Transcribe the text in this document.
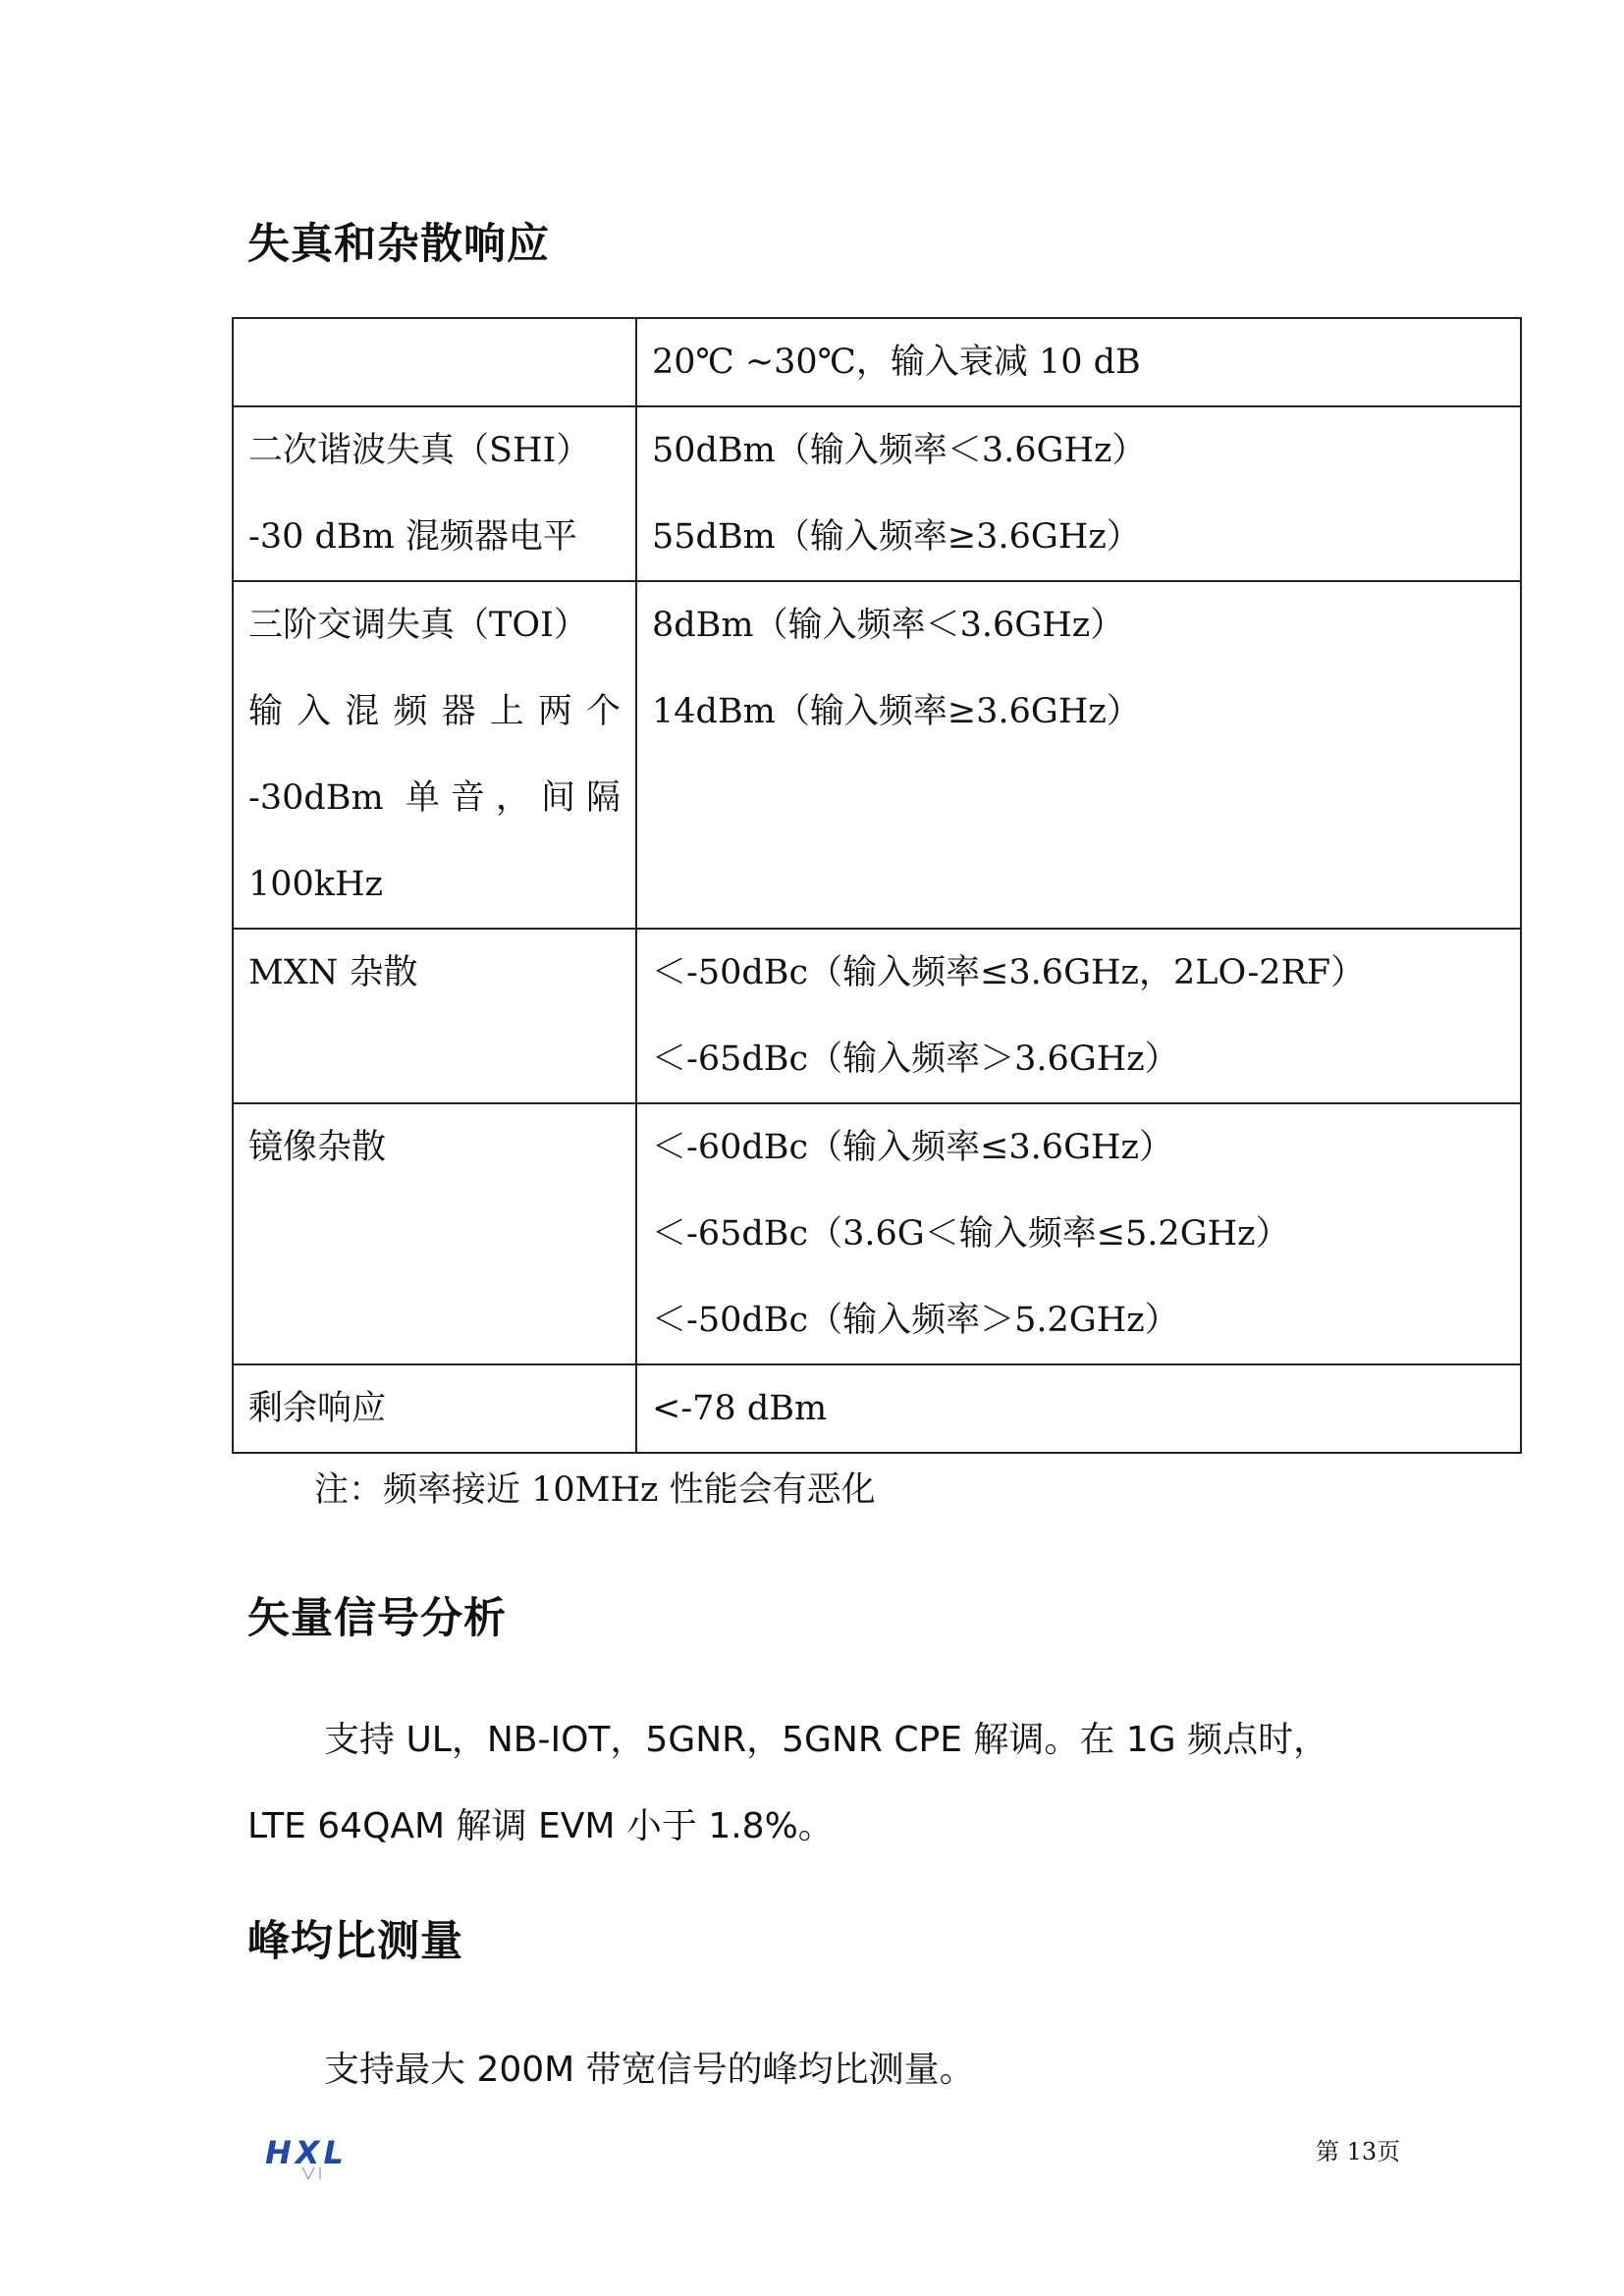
失真和杂散响应

	20℃ ~30℃，输入衰减 10 dB

二次谐波失真（SHI）
-30 dBm 混频器电平	50dBm（输入频率＜3.6GHz）
55dBm（输入频率≥3.6GHz）

三阶交调失真（TOI）
输入混频器上两个
-30dBm 单音，间隔
100kHz	8dBm（输入频率＜3.6GHz）
14dBm（输入频率≥3.6GHz）

MXN 杂散	＜-50dBc（输入频率≤3.6GHz，2LO-2RF）
＜-65dBc（输入频率＞3.6GHz）

镜像杂散	＜-60dBc（输入频率≤3.6GHz）
＜-65dBc（3.6G＜输入频率≤5.2GHz）
＜-50dBc（输入频率＞5.2GHz）

剩余响应	<-78 dBm
注：频率接近 10MHz 性能会有恶化
矢量信号分析
支持 UL，NB-IOT，5GNR，5GNR CPE 解调。在 1G 频点时，
LTE 64QAM 解调 EVM 小于 1.8%。
峰均比测量
支持最大 200M 带宽信号的峰均比测量。
HXL	第 13页
